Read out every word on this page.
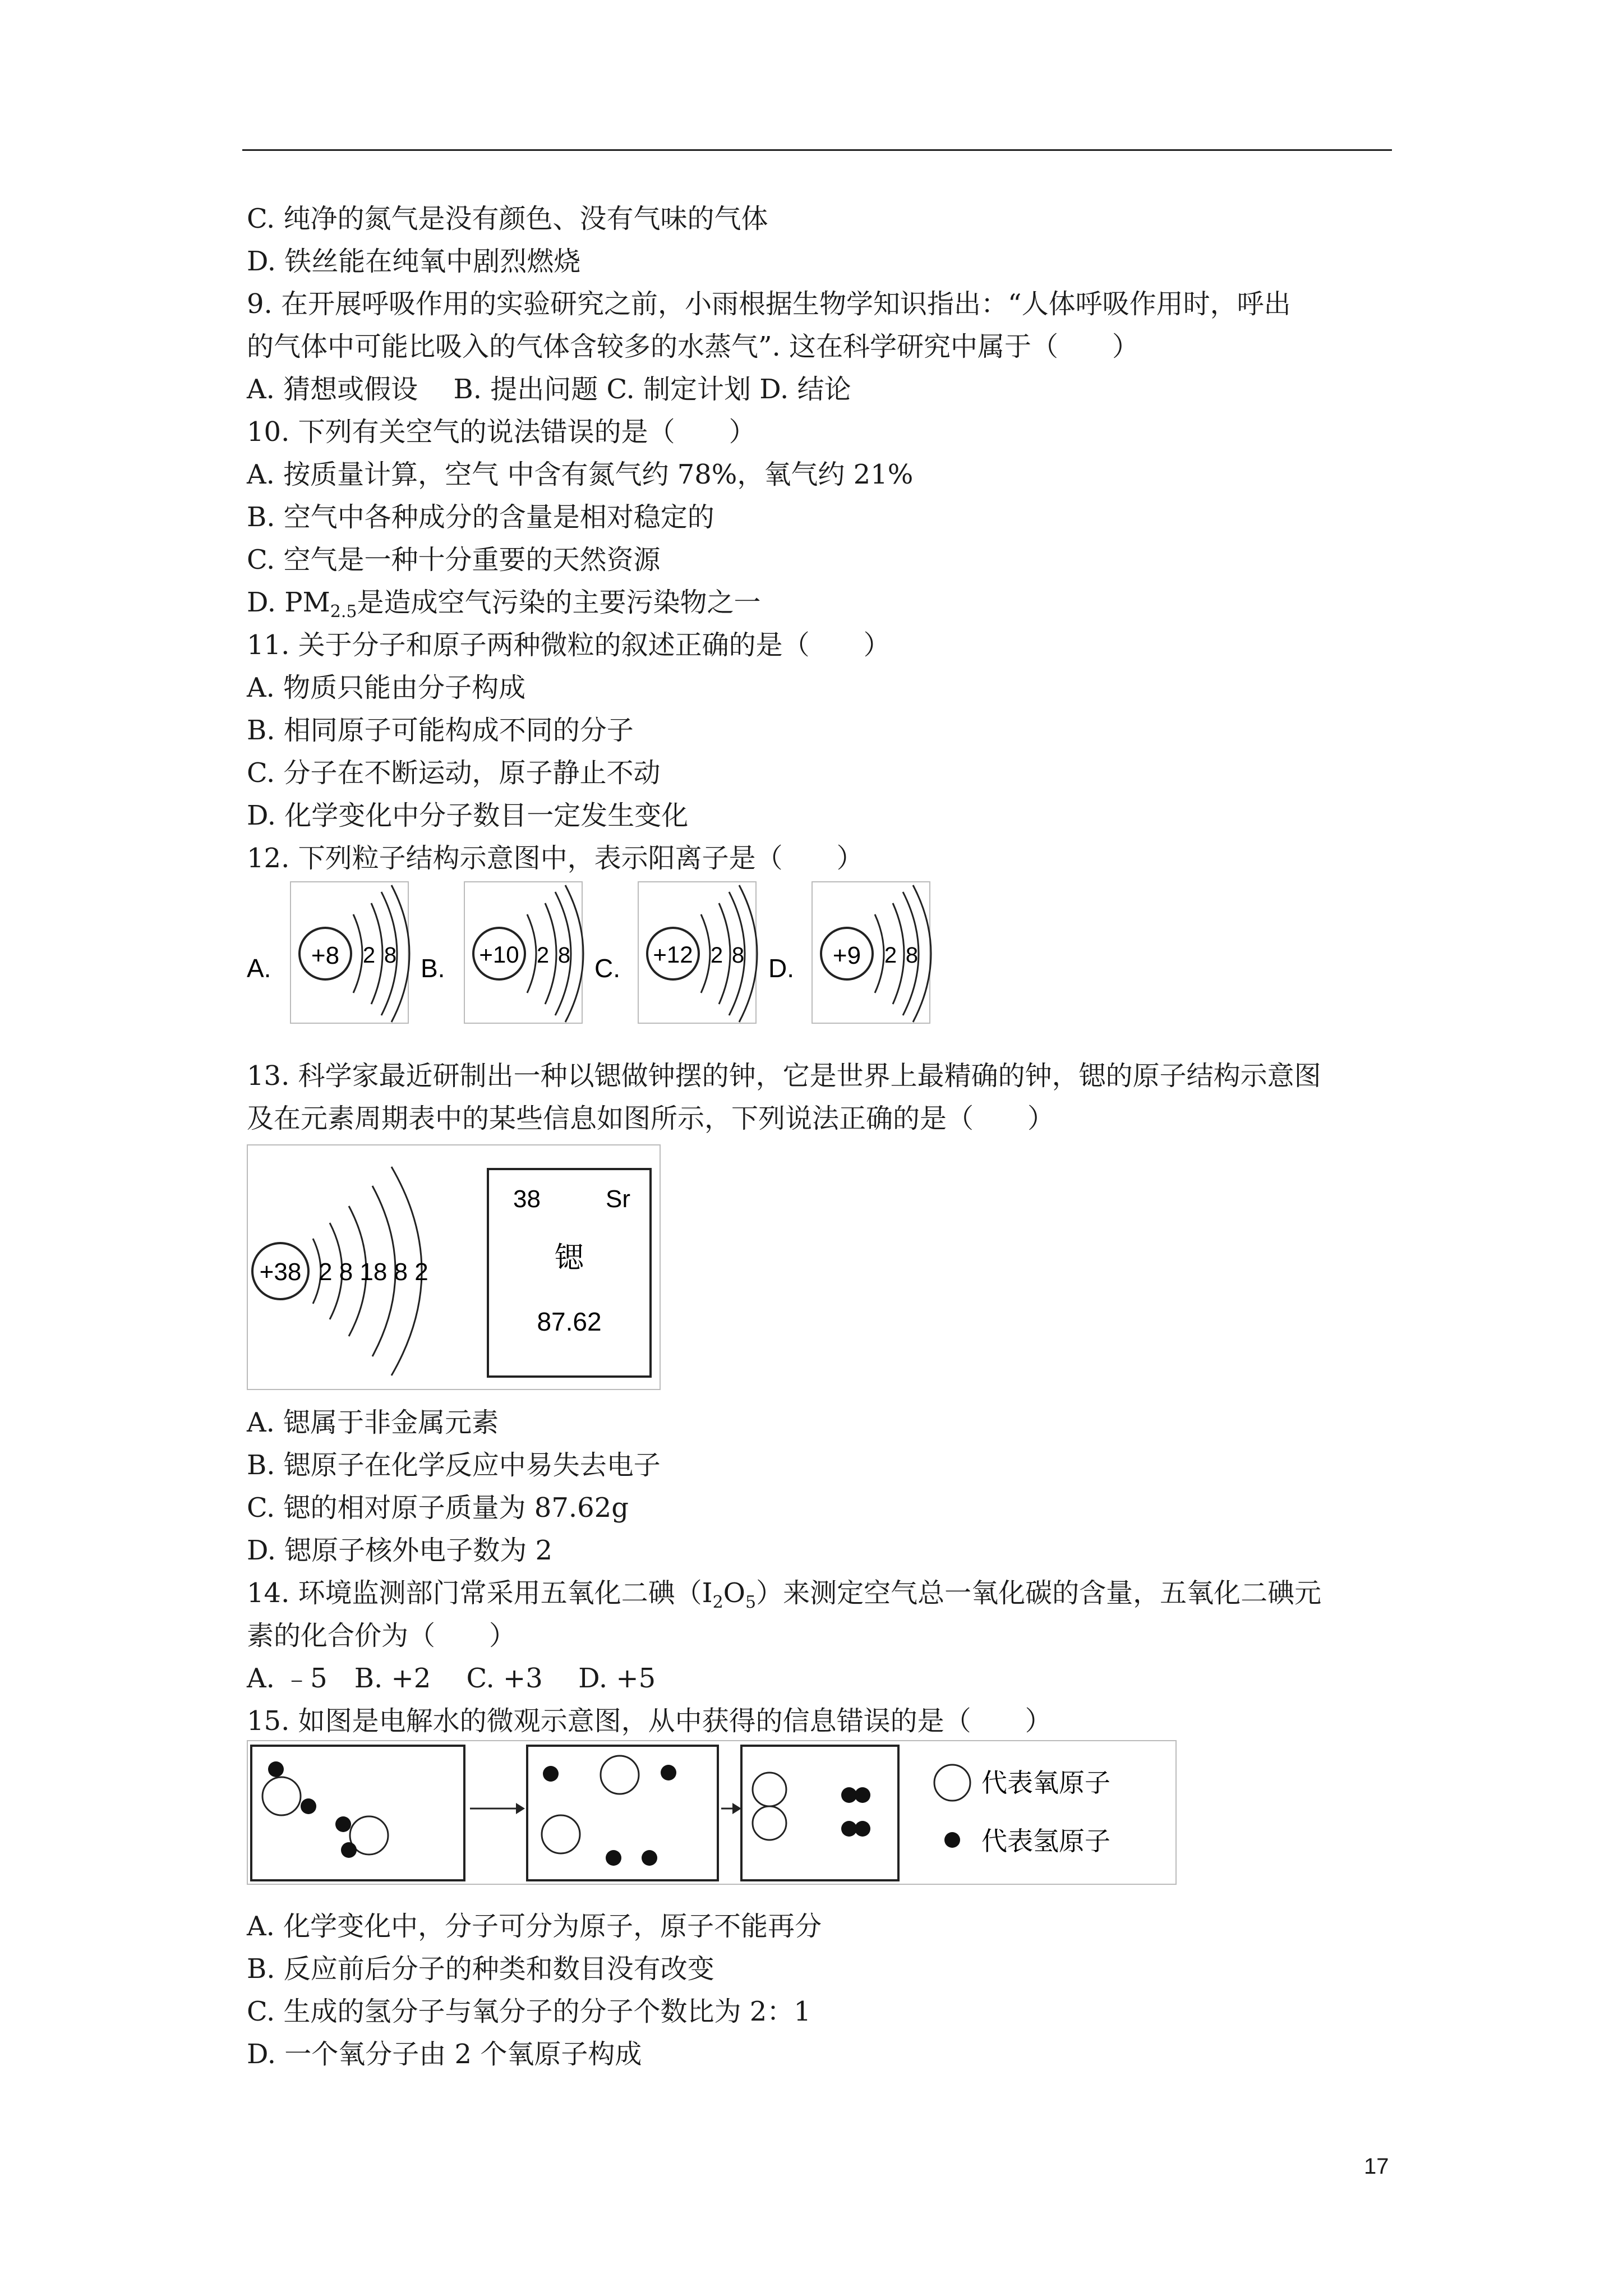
C. 纯净的氮气是没有颜色、没有气味的气体
D. 铁丝能在纯氧中剧烈燃烧
9. 在开展呼吸作用的实验研究之前，小雨根据生物学知识指出：“人体呼吸作用时，呼出
的气体中可能比吸入的气体含较多的水蒸气”. 这在科学研究中属于（　　）
A. 猜想或假设　 B. 提出问题 C. 制定计划 D. 结论
10. 下列有关空气的说法错误的是（　　）
A. 按质量计算，空气 中含有氮气约 78%，氧气约 21%
B. 空气中各种成分的含量是相对稳定的
C. 空气是一种十分重要的天然资源
D. $PM_{2.5}$是造成空气污染的主要污染物之一
11. 关于分子和原子两种微粒的叙述正确的是（　　）
A. 物质只能由分子构成
B. 相同原子可能构成不同的分子
C. 分子在不断运动，原子静止不动
D. 化学变化中分子数目一定发生变化
12. 下列粒子结构示意图中，表示阳离子是（　　）
A. +8 2 8 B. +10 2 8 C. +12 2 8 D. +9 2 8
13. 科学家最近研制出一种以锶做钟摆的钟，它是世界上最精确的钟，锶的原子结构示意图
及在元素周期表中的某些信息如图所示，下列说法正确的是（　　）
+38 2 8 18 8 2
38	Sr
锶
87.62
A. 锶属于非金属元素
B. 锶原子在化学反应中易失去电子
C. 锶的相对原子质量为 87.62g
D. 锶原子核外电子数为 2
14. 环境监测部门常采用五氧化二碘$(I_2O_5)$来测定空气总一氧化碳的含量，五氧化二碘元
素的化合价为（　　）
A. ﹣5　B. +2　 C. +3　 D. +5
15. 如图是电解水的微观示意图，从中获得的信息错误的是（　　）
代表氧原子
代表氢原子
A. 化学变化中，分子可分为原子，原子不能再分
B. 反应前后分子的种类和数目没有改变
C. 生成的氢分子与氧分子的分子个数比为 2：1
D. 一个氧分子由 2 个氧原子构成
17
